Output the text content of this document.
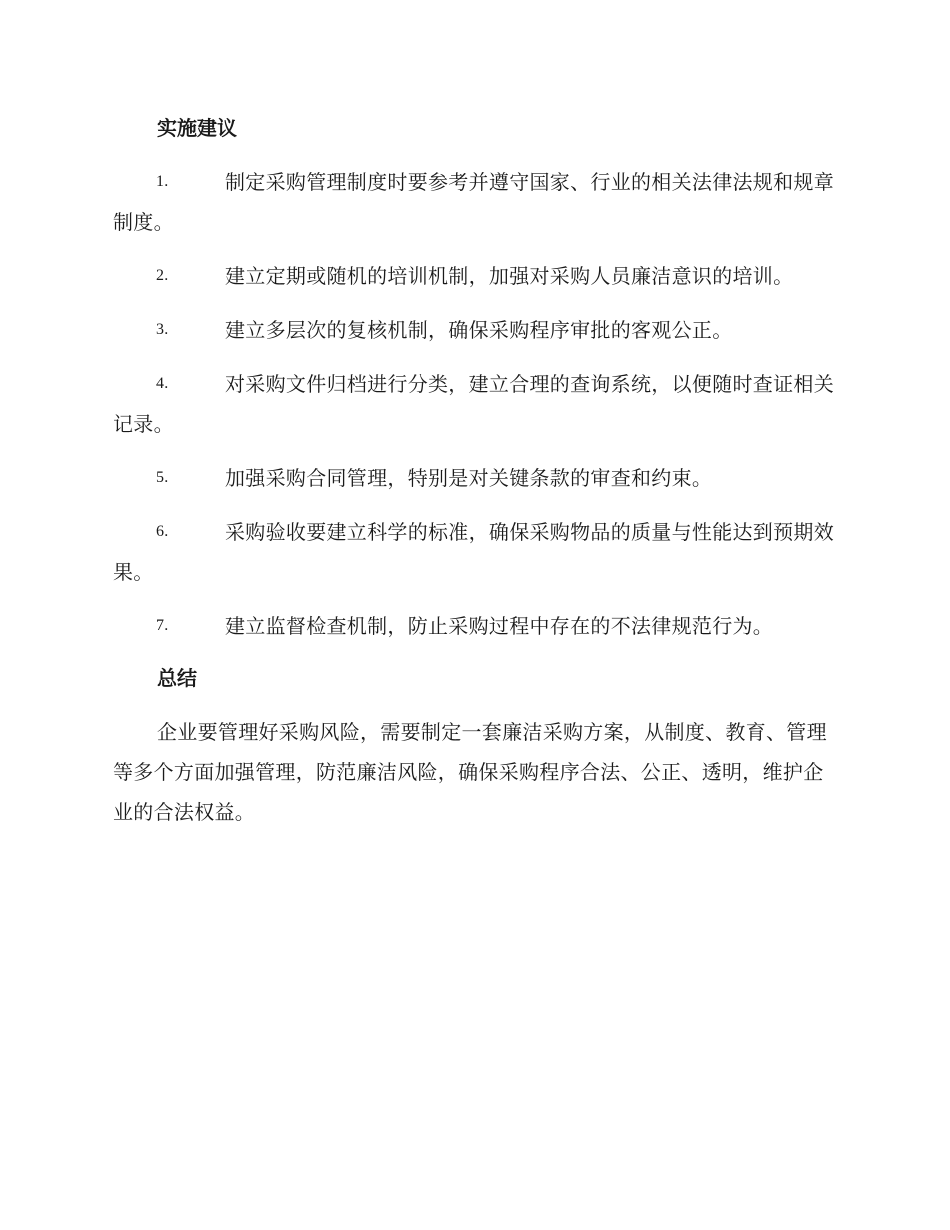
实施建议
1.	制定采购管理制度时要参考并遵守国家、行业的相关法律法规和规章制度。
2.	建立定期或随机的培训机制，加强对采购人员廉洁意识的培训。
3.	建立多层次的复核机制，确保采购程序审批的客观公正。
4.	对采购文件归档进行分类，建立合理的查询系统，以便随时查证相关记录。
5.	加强采购合同管理，特别是对关键条款的审查和约束。
6.	采购验收要建立科学的标准，确保采购物品的质量与性能达到预期效果。
7.	建立监督检查机制，防止采购过程中存在的不法律规范行为。
总结

企业要管理好采购风险，需要制定一套廉洁采购方案，从制度、教育、管理等多个方面加强管理，防范廉洁风险，确保采购程序合法、公正、透明，维护企业的合法权益。
